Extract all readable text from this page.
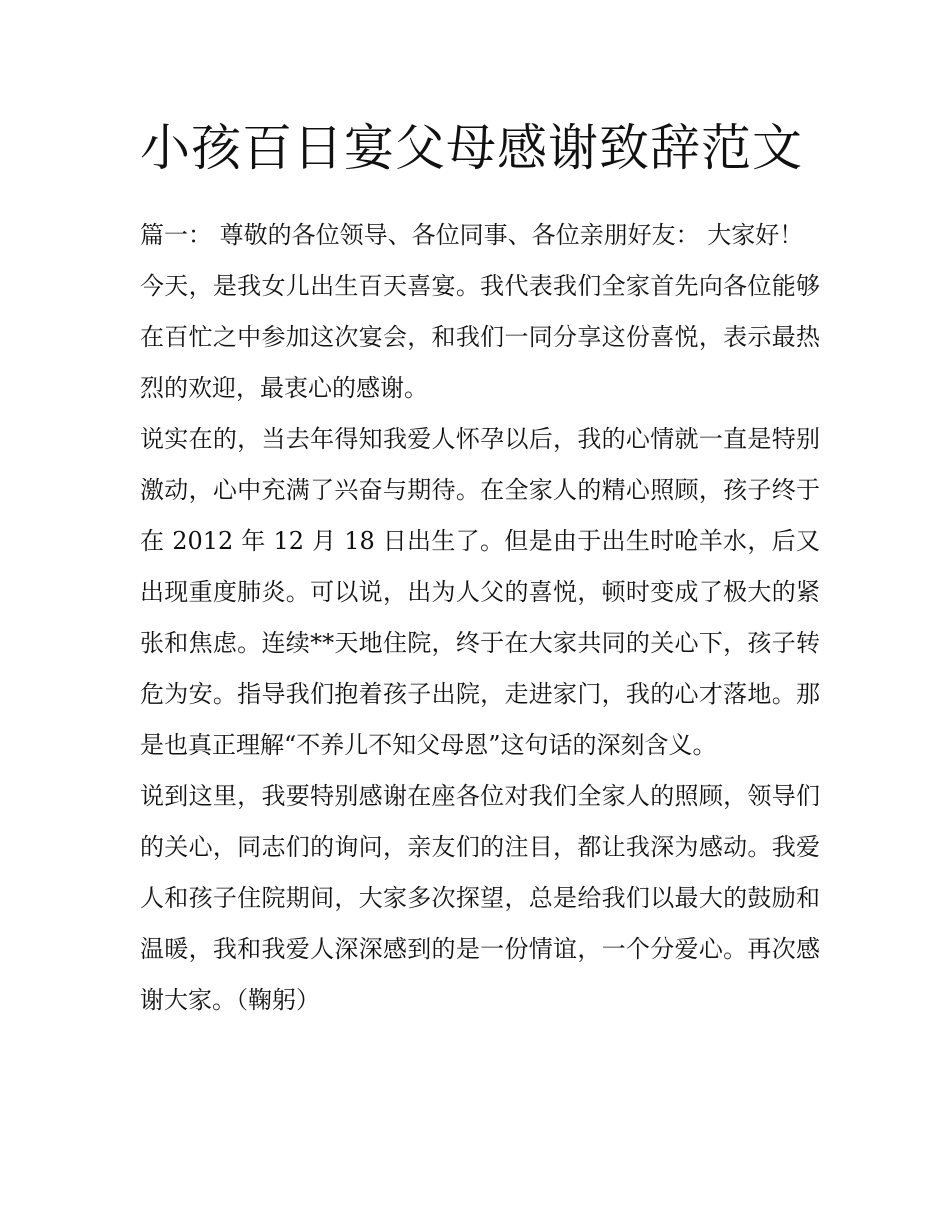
小孩百日宴父母感谢致辞范文

篇一： 尊敬的各位领导、各位同事、各位亲朋好友： 大家好！

今天，是我女儿出生百天喜宴。我代表我们全家首先向各位能够在百忙之中参加这次宴会，和我们一同分享这份喜悦，表示最热烈的欢迎，最衷心的感谢。

说实在的，当去年得知我爱人怀孕以后，我的心情就一直是特别激动，心中充满了兴奋与期待。在全家人的精心照顾，孩子终于在 2012 年 12 月 18 日出生了。但是由于出生时呛羊水，后又出现重度肺炎。可以说，出为人父的喜悦，顿时变成了极大的紧张和焦虑。连续**天地住院，终于在大家共同的关心下，孩子转危为安。指导我们抱着孩子出院，走进家门，我的心才落地。那是也真正理解“不养儿不知父母恩”这句话的深刻含义。

说到这里，我要特别感谢在座各位对我们全家人的照顾，领导们的关心，同志们的询问，亲友们的注目，都让我深为感动。我爱人和孩子住院期间，大家多次探望，总是给我们以最大的鼓励和温暖，我和我爱人深深感到的是一份情谊，一个分爱心。再次感谢大家。（鞠躬）
